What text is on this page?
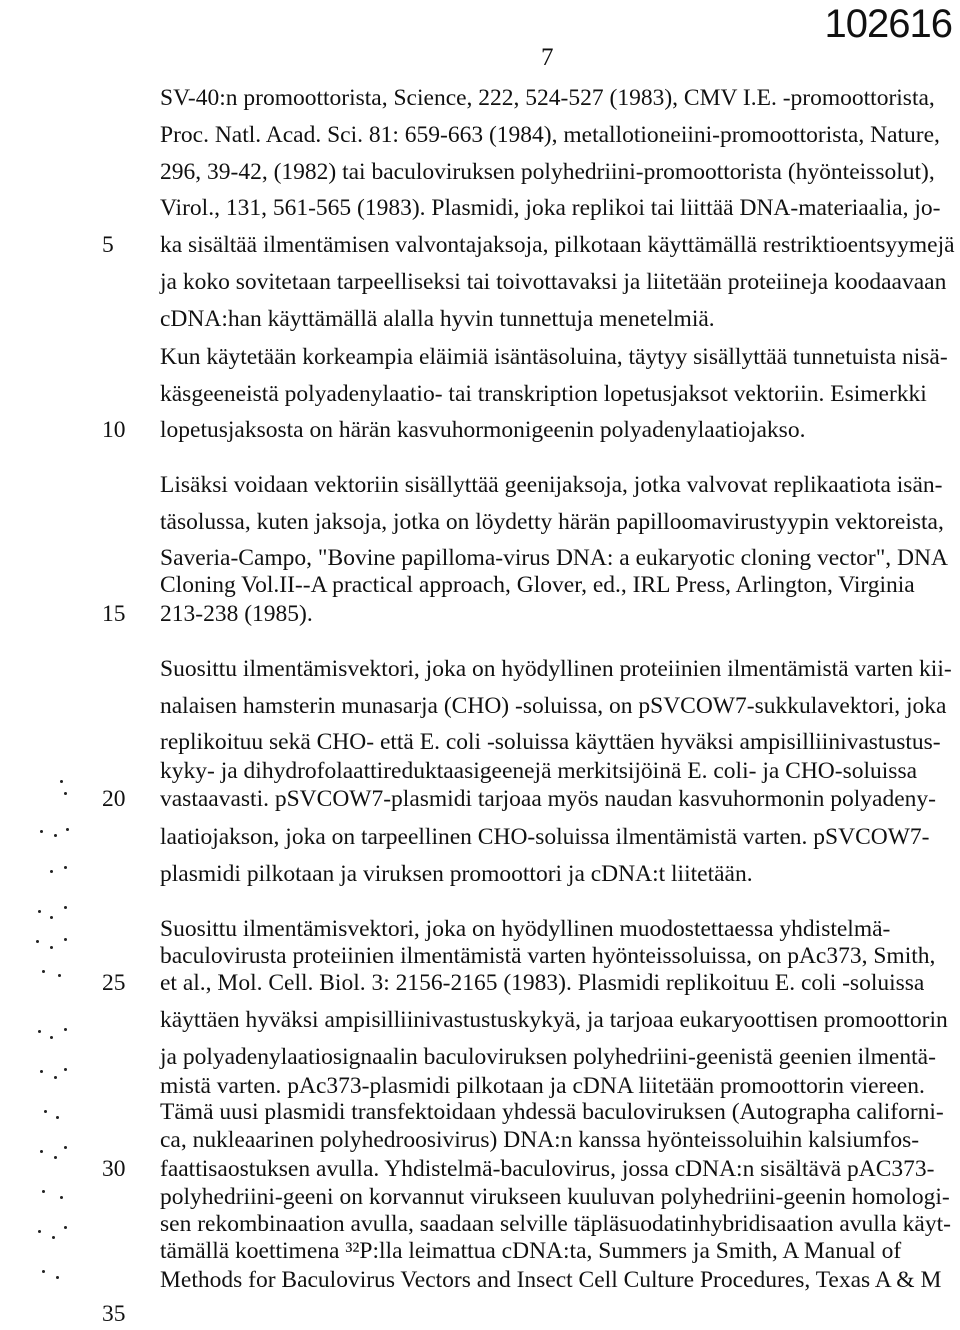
102616
7
5
10
15
20
25
30
35
SV-40:n promoottorista, Science, 222, 524-527 (1983), CMV I.E. -promoottorista,
Proc. Natl. Acad. Sci. 81: 659-663 (1984), metallotioneiini-promoottorista, Nature,
296, 39-42, (1982) tai baculoviruksen polyhedriini-promoottorista (hyönteissolut),
Virol., 131, 561-565 (1983). Plasmidi, joka replikoi tai liittää DNA-materiaalia, jo-
ka sisältää ilmentämisen valvontajaksoja, pilkotaan käyttämällä restriktioentsyymejä
ja koko sovitetaan tarpeelliseksi tai toivottavaksi ja liitetään proteiineja koodaavaan
cDNA:han käyttämällä alalla hyvin tunnettuja menetelmiä.
Kun käytetään korkeampia eläimiä isäntäsoluina, täytyy sisällyttää tunnetuista nisä-
käsgeeneistä polyadenylaatio- tai transkription lopetusjaksot vektoriin. Esimerkki
lopetusjaksosta on härän kasvuhormonigeenin polyadenylaatiojakso.
Lisäksi voidaan vektoriin sisällyttää geenijaksoja, jotka valvovat replikaatiota isän-
täsolussa, kuten jaksoja, jotka on löydetty härän papilloomavirustyypin vektoreista,
Saveria-Campo, "Bovine papilloma-virus DNA: a eukaryotic cloning vector", DNA
Cloning Vol.II--A practical approach, Glover, ed., IRL Press, Arlington, Virginia
213-238 (1985).
Suosittu ilmentämisvektori, joka on hyödyllinen proteiinien ilmentämistä varten kii-
nalaisen hamsterin munasarja (CHO) -soluissa, on pSVCOW7-sukkulavektori, joka
replikoituu sekä CHO- että E. coli -soluissa käyttäen hyväksi ampisilliinivastustus-
kyky- ja dihydrofolaattireduktaasigeenejä merkitsijöinä E. coli- ja CHO-soluissa
vastaavasti. pSVCOW7-plasmidi tarjoaa myös naudan kasvuhormonin polyadeny-
laatiojakson, joka on tarpeellinen CHO-soluissa ilmentämistä varten. pSVCOW7-
plasmidi pilkotaan ja viruksen promoottori ja cDNA:t liitetään.
Suosittu ilmentämisvektori, joka on hyödyllinen muodostettaessa yhdistelmä-
baculovirusta proteiinien ilmentämistä varten hyönteissoluissa, on pAc373, Smith,
et al., Mol. Cell. Biol. 3: 2156-2165 (1983). Plasmidi replikoituu E. coli -soluissa
käyttäen hyväksi ampisilliinivastustuskykyä, ja tarjoaa eukaryoottisen promoottorin
ja polyadenylaatiosignaalin baculoviruksen polyhedriini-geenistä geenien ilmentä-
mistä varten. pAc373-plasmidi pilkotaan ja cDNA liitetään promoottorin viereen.
Tämä uusi plasmidi transfektoidaan yhdessä baculoviruksen (Autographa californi-
ca, nukleaarinen polyhedroosivirus) DNA:n kanssa hyönteissoluihin kalsiumfos-
faattisaostuksen avulla. Yhdistelmä-baculovirus, jossa cDNA:n sisältävä pAC373-
polyhedriini-geeni on korvannut virukseen kuuluvan polyhedriini-geenin homologi-
sen rekombinaation avulla, saadaan selville täpläsuodatinhybridisaation avulla käyt-
tämällä koettimena ³²P:lla leimattua cDNA:ta, Summers ja Smith, A Manual of
Methods for Baculovirus Vectors and Insect Cell Culture Procedures, Texas A & M
